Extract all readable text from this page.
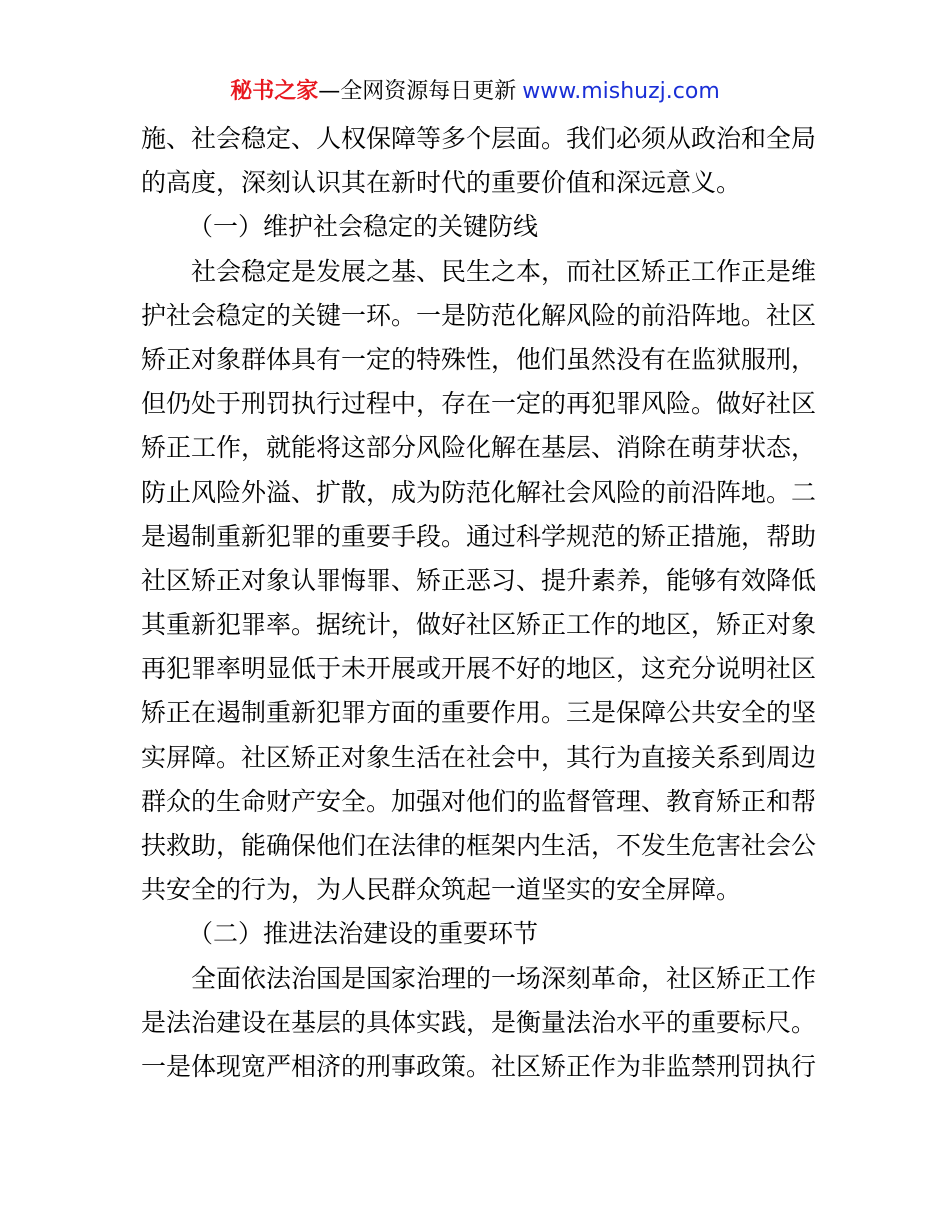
秘书之家—全网资源每日更新 www.mishuzj.com
施、社会稳定、人权保障等多个层面。我们必须从政治和全局
的高度，深刻认识其在新时代的重要价值和深远意义。
（一）维护社会稳定的关键防线
社会稳定是发展之基、民生之本，而社区矫正工作正是维
护社会稳定的关键一环。一是防范化解风险的前沿阵地。社区
矫正对象群体具有一定的特殊性，他们虽然没有在监狱服刑，
但仍处于刑罚执行过程中，存在一定的再犯罪风险。做好社区
矫正工作，就能将这部分风险化解在基层、消除在萌芽状态，
防止风险外溢、扩散，成为防范化解社会风险的前沿阵地。二
是遏制重新犯罪的重要手段。通过科学规范的矫正措施，帮助
社区矫正对象认罪悔罪、矫正恶习、提升素养，能够有效降低
其重新犯罪率。据统计，做好社区矫正工作的地区，矫正对象
再犯罪率明显低于未开展或开展不好的地区，这充分说明社区
矫正在遏制重新犯罪方面的重要作用。三是保障公共安全的坚
实屏障。社区矫正对象生活在社会中，其行为直接关系到周边
群众的生命财产安全。加强对他们的监督管理、教育矫正和帮
扶救助，能确保他们在法律的框架内生活，不发生危害社会公
共安全的行为，为人民群众筑起一道坚实的安全屏障。
（二）推进法治建设的重要环节
全面依法治国是国家治理的一场深刻革命，社区矫正工作
是法治建设在基层的具体实践，是衡量法治水平的重要标尺。
一是体现宽严相济的刑事政策。社区矫正作为非监禁刑罚执行
